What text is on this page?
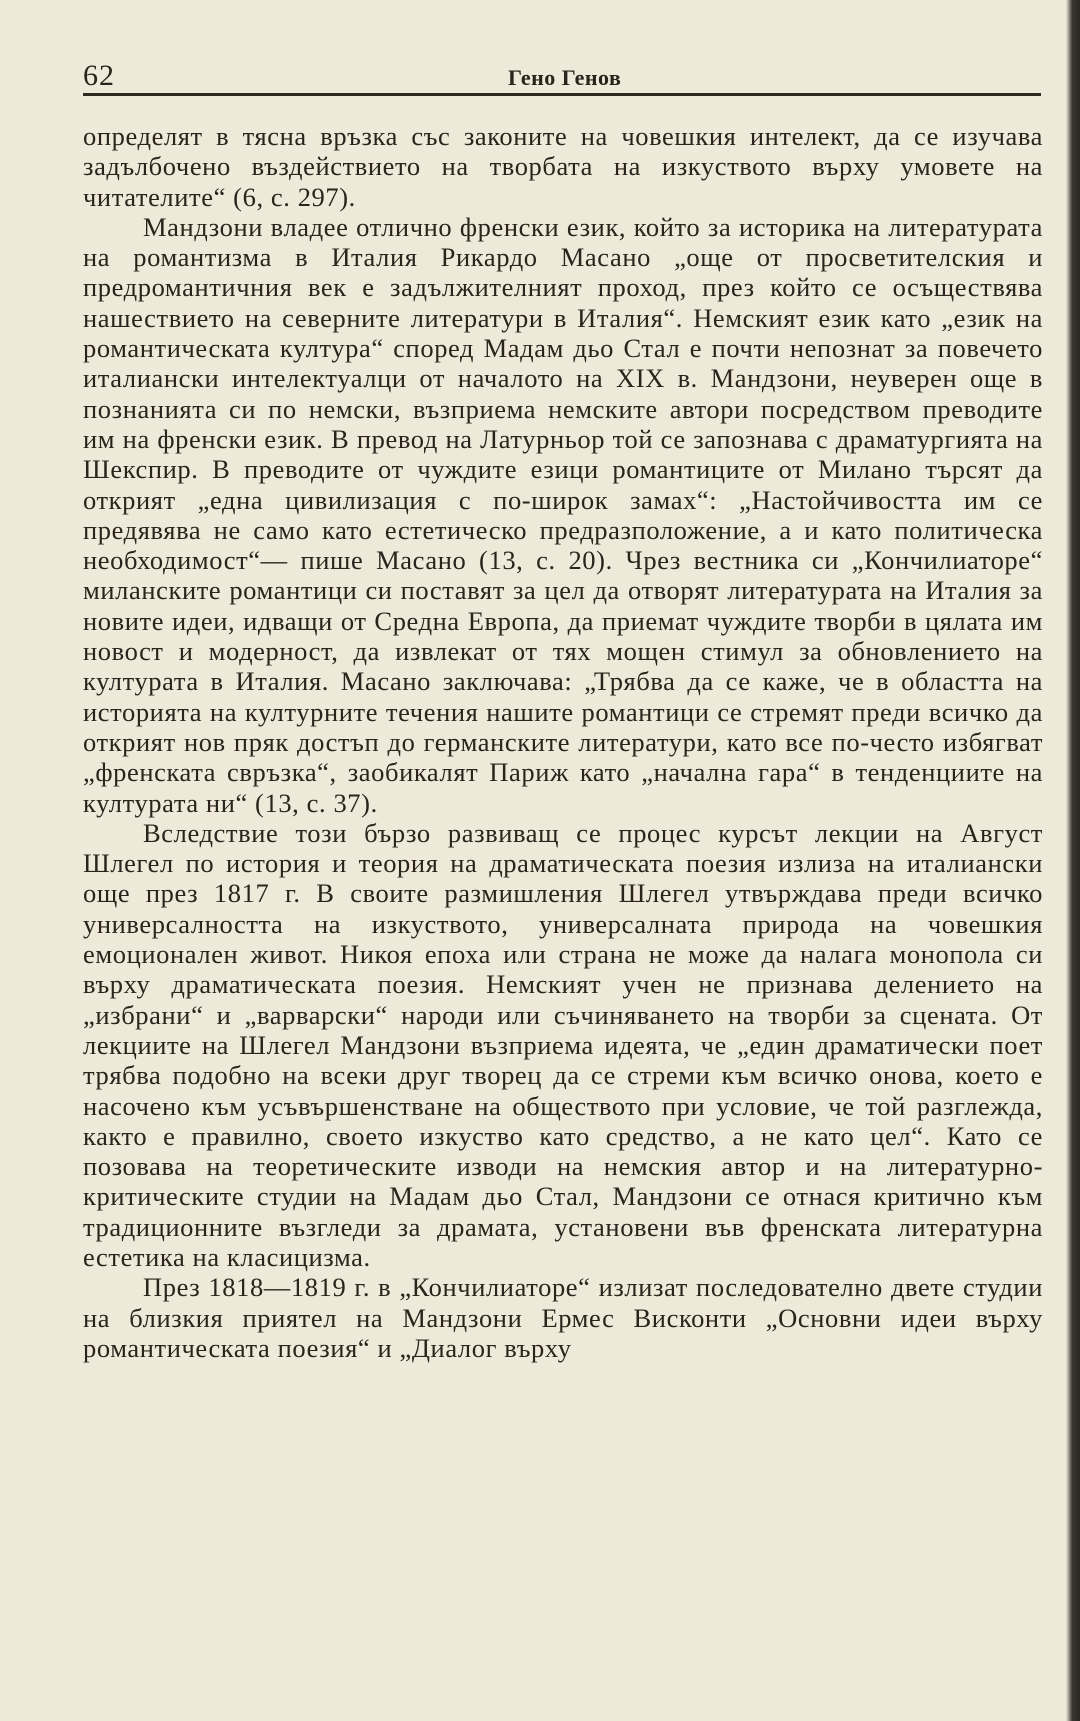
62	Гено Генов

определят в тясна връзка със законите на човешкия интелект, да се изучава задълбочено въздействието на творбата на изкуството върху умовете на читателите“ (6, с. 297).

Мандзони владее отлично френски език, който за историка на литературата на романтизма в Италия Рикардо Масано „още от просветителския и предромантичния век е задължителният проход, през който се осъществява нашествието на северните литератури в Италия“. Немският език като „език на романтическата култура“ според Мадам дьо Стал е почти непознат за повечето италиански интелектуалци от началото на XIX в. Мандзони, неуверен още в познанията си по немски, възприема немските автори посредством преводите им на френски език. В превод на Латурньор той се запознава с драматургията на Шекспир. В преводите от чуждите езици романтиците от Милано търсят да открият „една цивилизация с по-широк замах“: „Настойчивостта им се предявява не само като естетическо предразположение, а и като политическа необходимост“— пише Масано (13, с. 20). Чрез вестника си „Кончилиаторе“ миланските романтици си поставят за цел да отворят литературата на Италия за новите идеи, идващи от Средна Европа, да приемат чуждите творби в цялата им новост и модерност, да извлекат от тях мощен стимул за обновлението на културата в Италия. Масано заключава: „Трябва да се каже, че в областта на историята на културните течения нашите романтици се стремят преди всичко да открият нов пряк достъп до германските литератури, като все по-често избягват „френската свръзка“, заобикалят Париж като „начална гара“ в тенденциите на културата ни“ (13, с. 37).

Вследствие този бързо развиващ се процес курсът лекции на Август Шлегел по история и теория на драматическата поезия излиза на италиански още през 1817 г. В своите размишления Шлегел утвърждава преди всичко универсалността на изкуството, универсалната природа на човешкия емоционален живот. Никоя епоха или страна не може да налага монопола си върху драматическата поезия. Немският учен не признава делението на „избрани“ и „варварски“ народи или съчиняването на творби за сцената. От лекциите на Шлегел Мандзони възприема идеята, че „един драматически поет трябва подобно на всеки друг творец да се стреми към всичко онова, което е насочено към усъвършенстване на обществото при условие, че той разглежда, както е правилно, своето изкуство като средство, а не като цел“. Като се позовава на теоретическите изводи на немския автор и на литературно-критическите студии на Мадам дьо Стал, Мандзони се отнася критично към традиционните възгледи за драмата, установени във френската литературна естетика на класицизма.

През 1818—1819 г. в „Кончилиаторе“ излизат последователно двете студии на близкия приятел на Мандзони Ермес Висконти „Основни идеи върху романтическата поезия“ и „Диалог върху
